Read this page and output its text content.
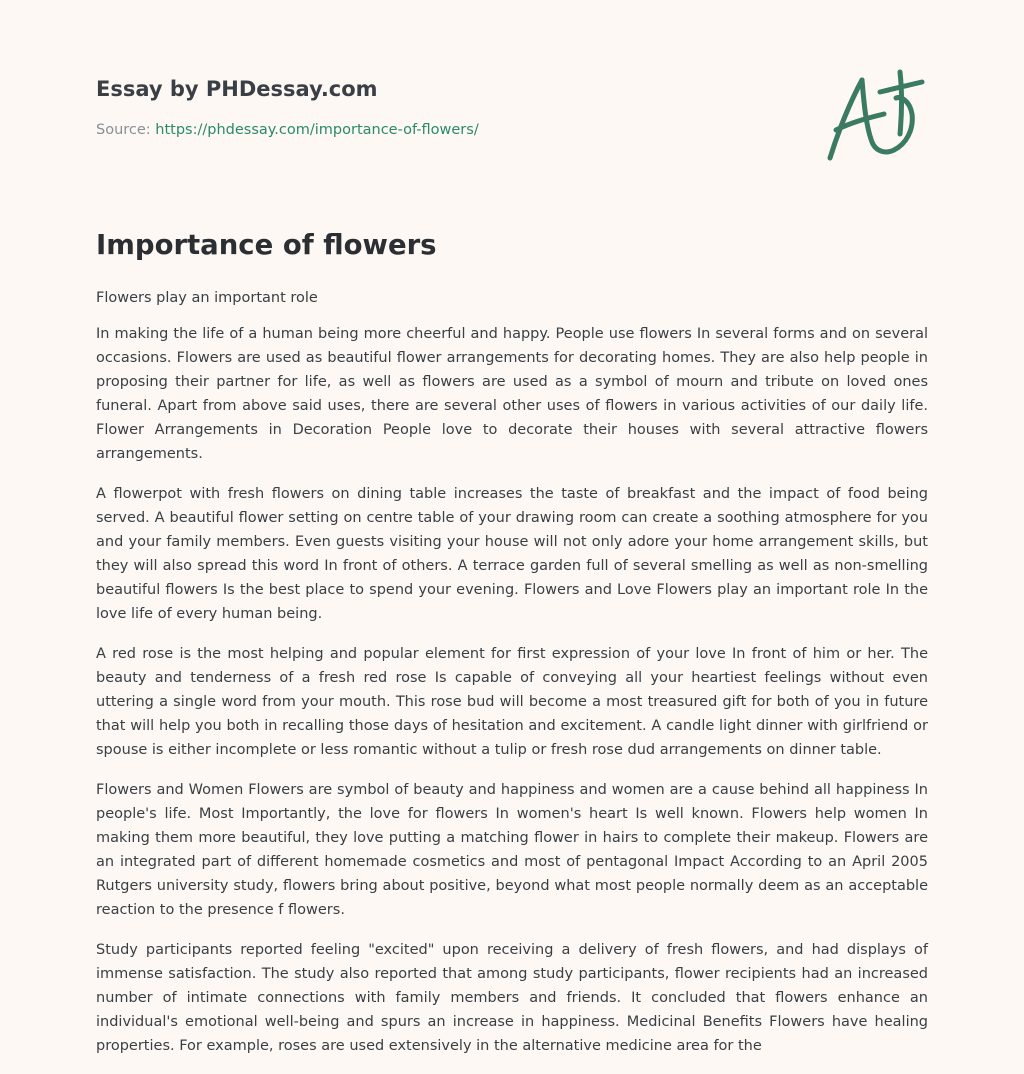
Essay by PHDessay.com
Source: https://phdessay.com/importance-of-flowers/
Importance of flowers

Flowers play an important role

In making the life of a human being more cheerful and happy. People use flowers In several forms and on several occasions. Flowers are used as beautiful flower arrangements for decorating homes. They are also help people in proposing their partner for life, as well as flowers are used as a symbol of mourn and tribute on loved ones funeral. Apart from above said uses, there are several other uses of flowers in various activities of our daily life. Flower Arrangements in Decoration People love to decorate their houses with several attractive flowers arrangements.

A flowerpot with fresh flowers on dining table increases the taste of breakfast and the impact of food being served. A beautiful flower setting on centre table of your drawing room can create a soothing atmosphere for you and your family members. Even guests visiting your house will not only adore your home arrangement skills, but they will also spread this word In front of others. A terrace garden full of several smelling as well as non-smelling beautiful flowers Is the best place to spend your evening. Flowers and Love Flowers play an important role In the love life of every human being.

A red rose is the most helping and popular element for first expression of your love In front of him or her. The beauty and tenderness of a fresh red rose Is capable of conveying all your heartiest feelings without even uttering a single word from your mouth. This rose bud will become a most treasured gift for both of you in future that will help you both in recalling those days of hesitation and excitement. A candle light dinner with girlfriend or spouse is either incomplete or less romantic without a tulip or fresh rose dud arrangements on dinner table.

Flowers and Women Flowers are symbol of beauty and happiness and women are a cause behind all happiness In people's life. Most Importantly, the love for flowers In women's heart Is well known. Flowers help women In making them more beautiful, they love putting a matching flower in hairs to complete their makeup. Flowers are an integrated part of different homemade cosmetics and most of pentagonal Impact According to an April 2005 Rutgers university study, flowers bring about positive, beyond what most people normally deem as an acceptable reaction to the presence f flowers.

Study participants reported feeling "excited" upon receiving a delivery of fresh flowers, and had displays of immense satisfaction. The study also reported that among study participants, flower recipients had an increased number of intimate connections with family members and friends. It concluded that flowers enhance an individual's emotional well-being and spurs an increase in happiness. Medicinal Benefits Flowers have healing properties. For example, roses are used extensively in the alternative medicine area for the
